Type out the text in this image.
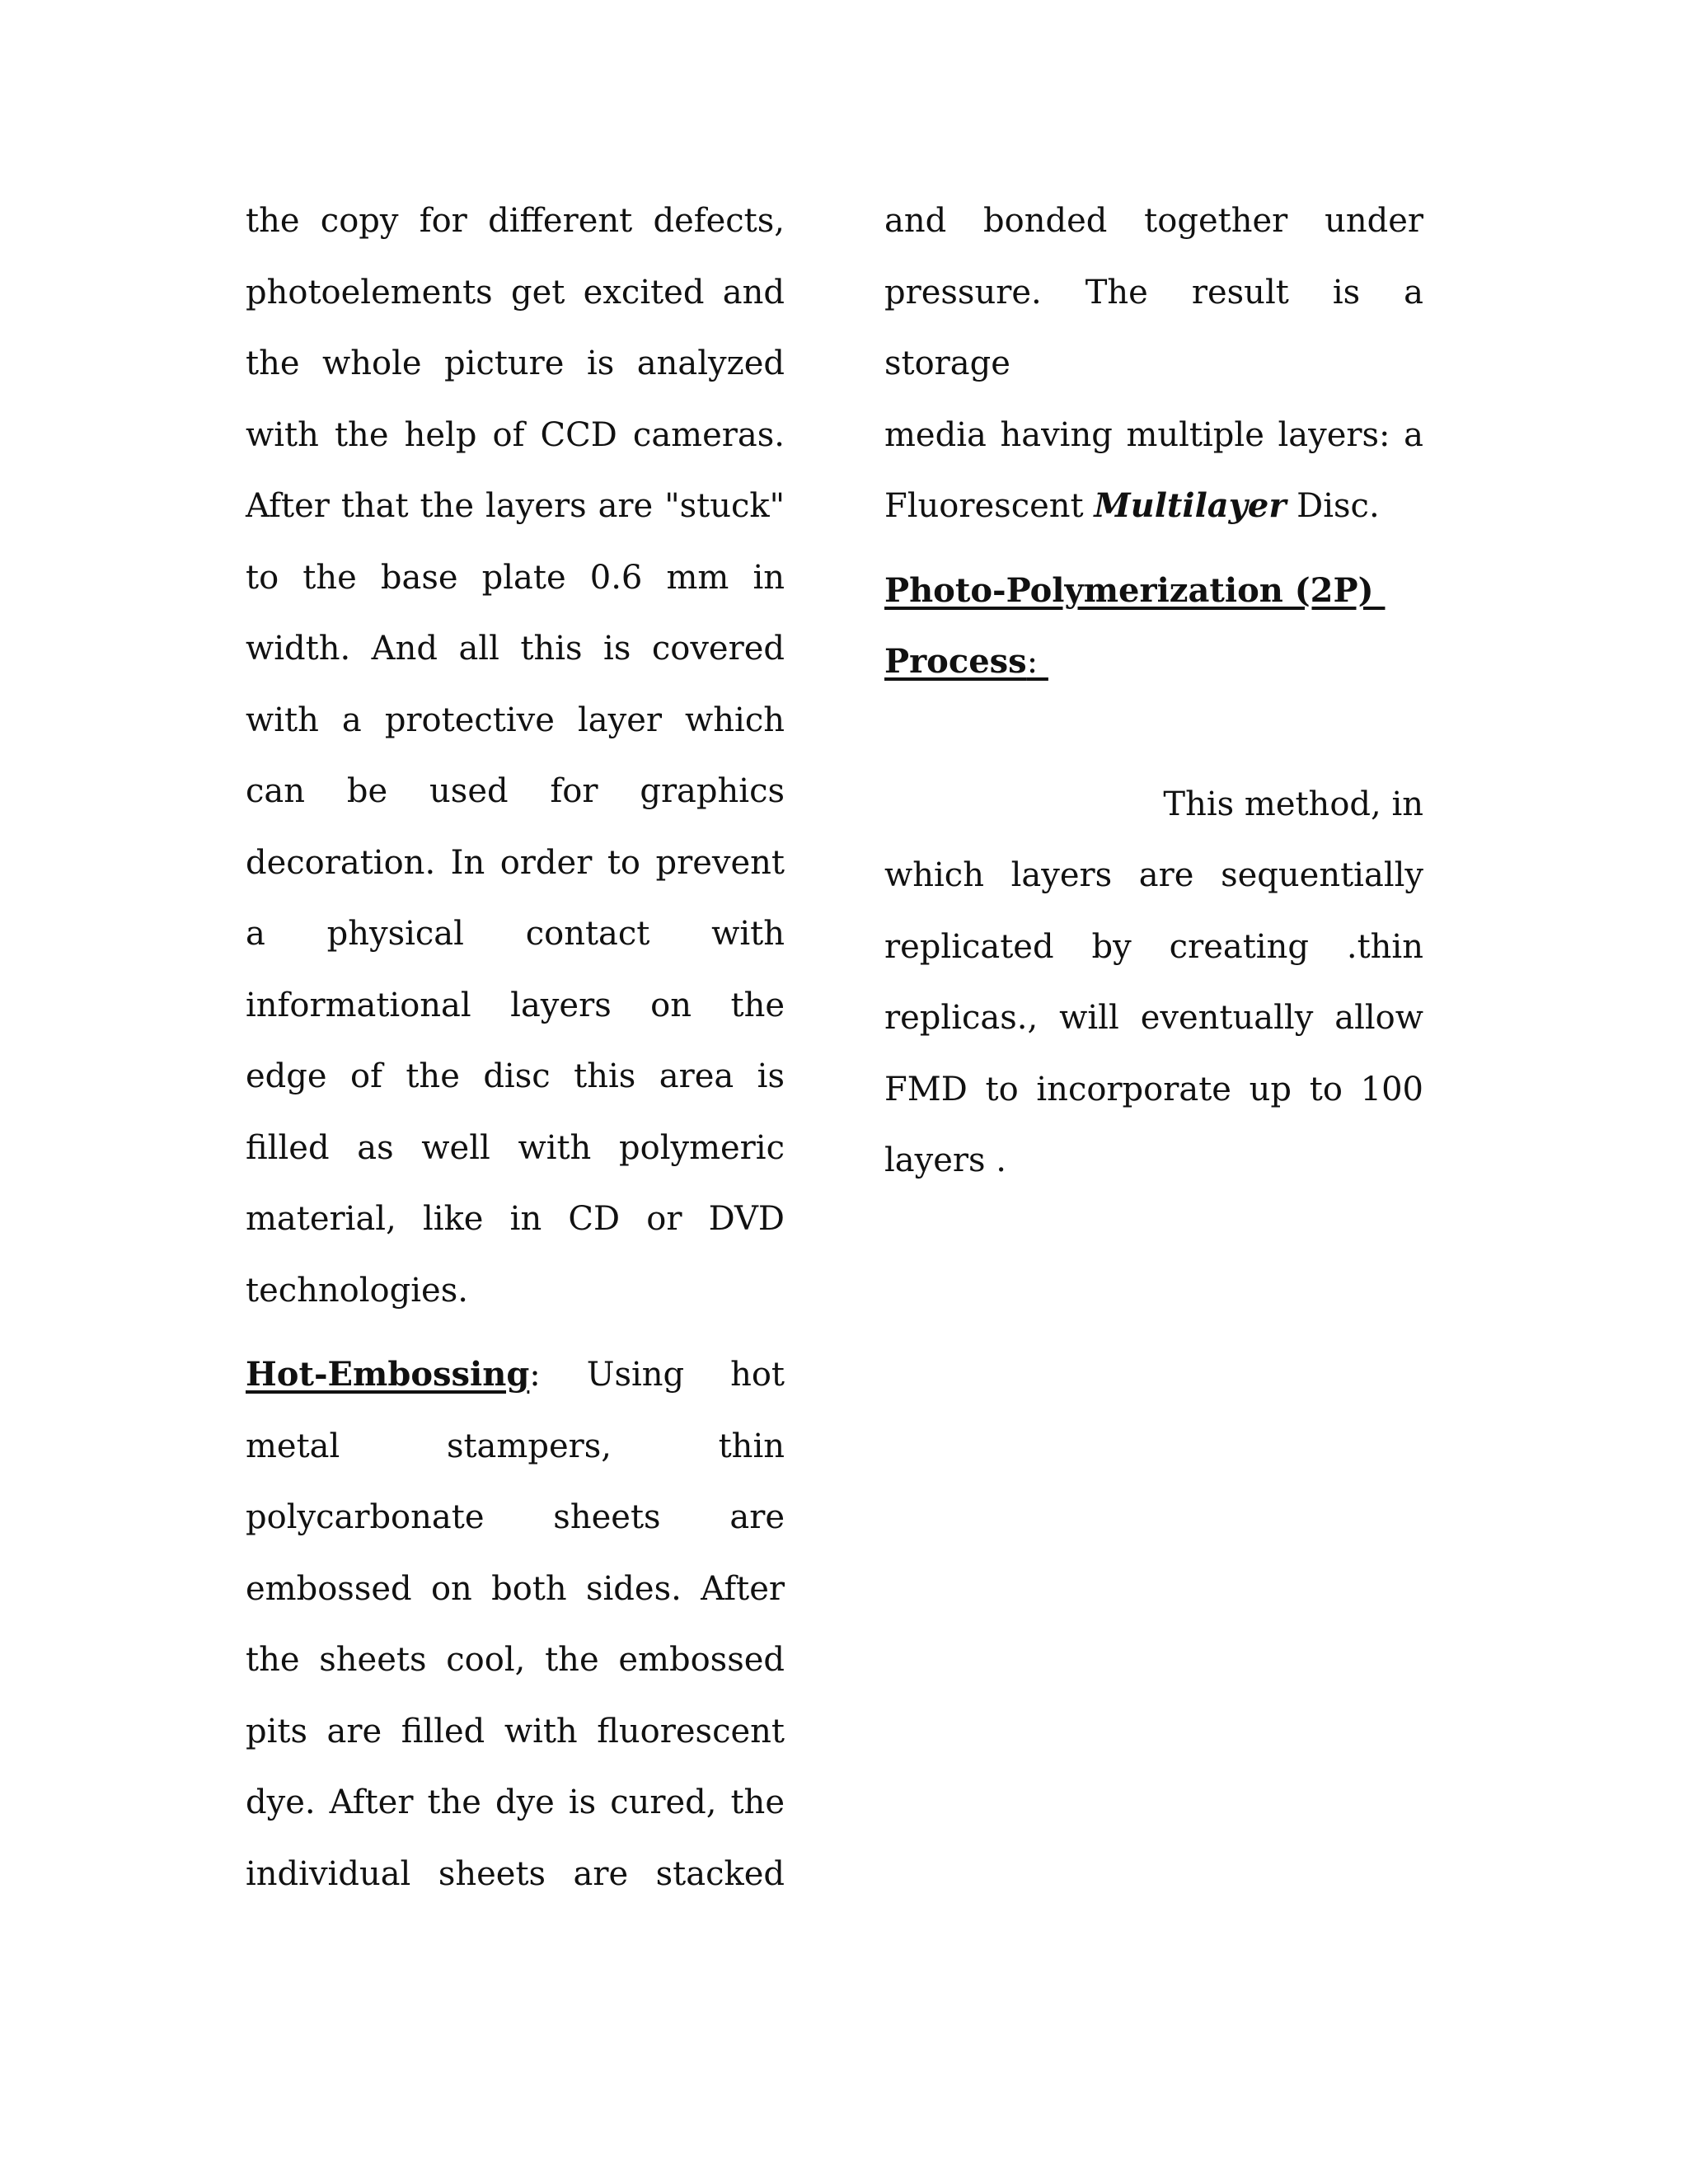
the copy for different defects,

photoelements get excited and

the whole picture is analyzed

with the help of CCD cameras.

After that the layers are "stuck"

to the base plate 0.6 mm in

width. And all this is covered

with a protective layer which

can be used for graphics

decoration. In order to prevent

a physical contact with

informational layers on the

edge of the disc this area is

filled as well with polymeric

material, like in CD or DVD

technologies.

Hot-Embossing: Using hot

metal stampers, thin

polycarbonate sheets are

embossed on both sides. After

the sheets cool, the embossed

pits are filled with fluorescent

dye. After the dye is cured, the

individual sheets are stacked

and bonded together under

pressure. The result is a storage

media having multiple layers: a

Fluorescent Multilayer Disc.

Photo-Polymerization (2P)

Process:

This method, in

which layers are sequentially

replicated by creating .thin

replicas., will eventually allow

FMD to incorporate up to 100

layers .
